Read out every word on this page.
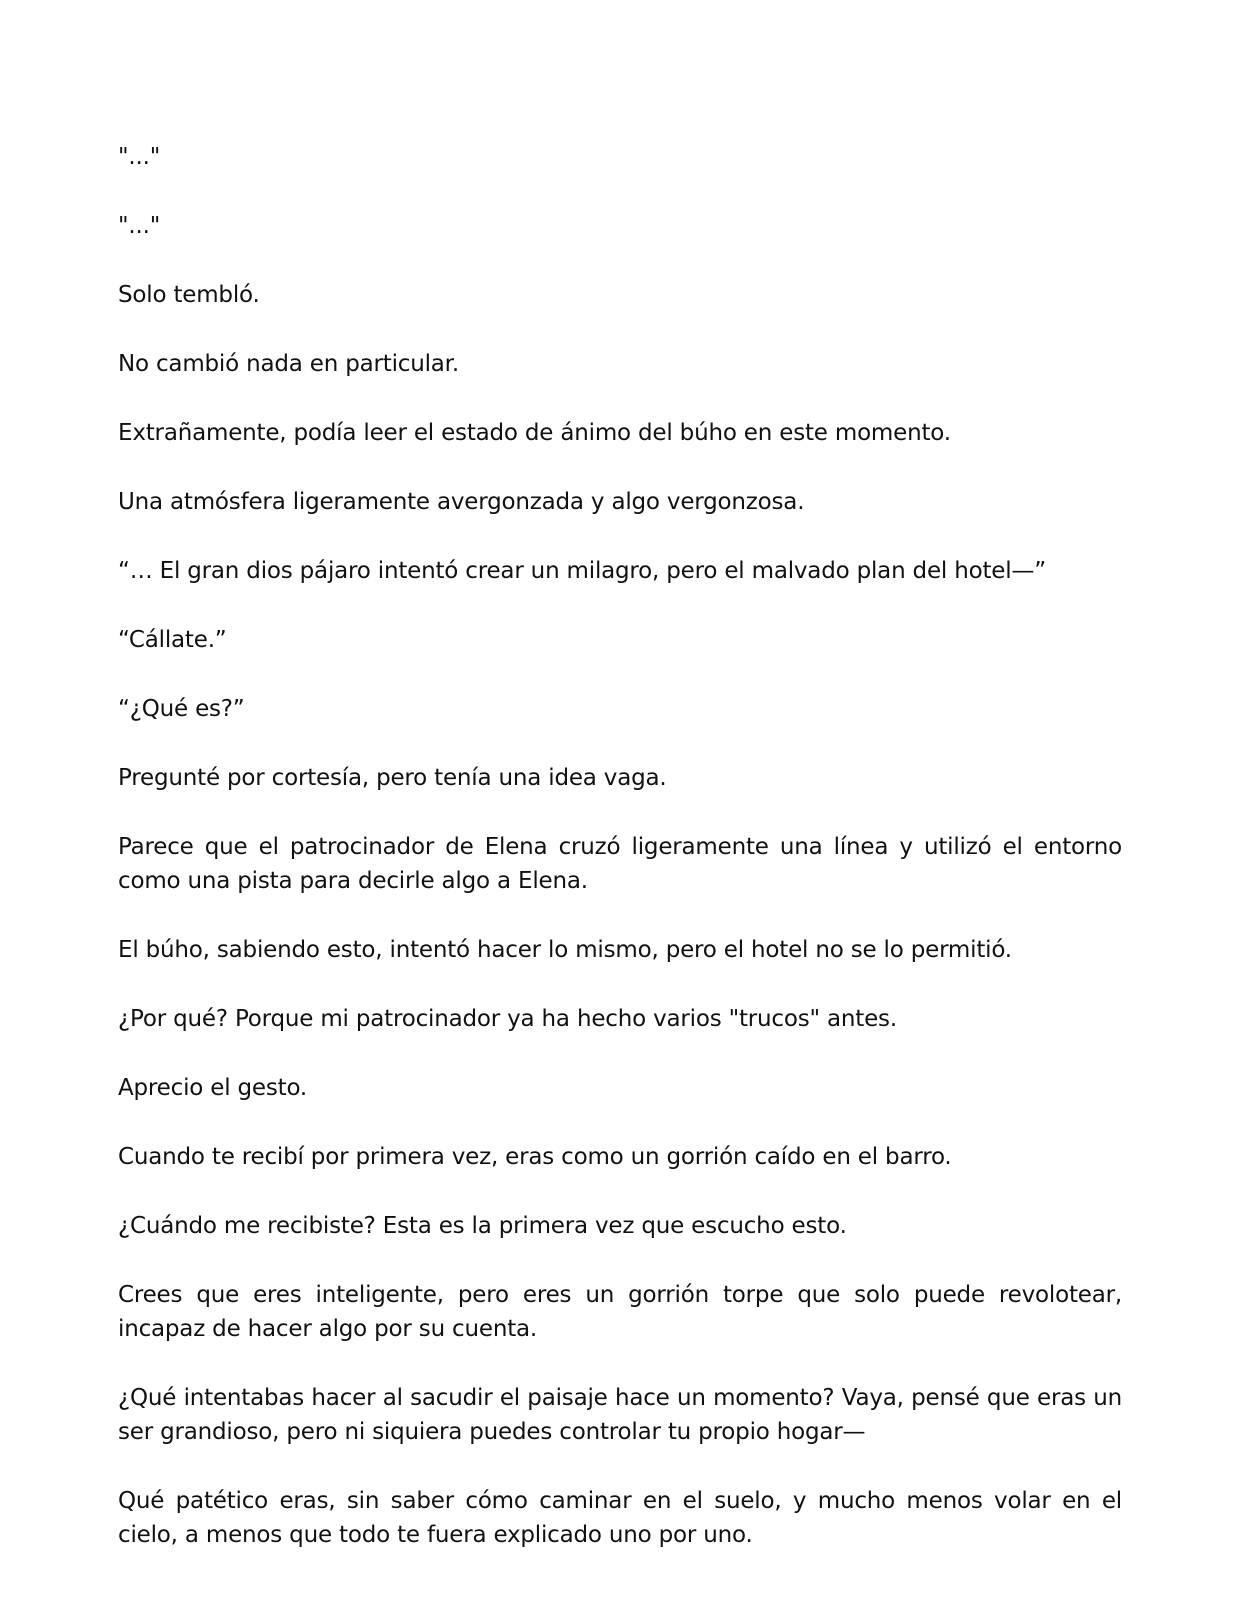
"..."

"..."

Solo tembló.

No cambió nada en particular.

Extrañamente, podía leer el estado de ánimo del búho en este momento.

Una atmósfera ligeramente avergonzada y algo vergonzosa.

“… El gran dios pájaro intentó crear un milagro, pero el malvado plan del hotel—”

“Cállate.”

“¿Qué es?”

Pregunté por cortesía, pero tenía una idea vaga.

Parece que el patrocinador de Elena cruzó ligeramente una línea y utilizó el entorno como una pista para decirle algo a Elena.

El búho, sabiendo esto, intentó hacer lo mismo, pero el hotel no se lo permitió.

¿Por qué? Porque mi patrocinador ya ha hecho varios "trucos" antes.

Aprecio el gesto.

Cuando te recibí por primera vez, eras como un gorrión caído en el barro.

¿Cuándo me recibiste? Esta es la primera vez que escucho esto.

Crees que eres inteligente, pero eres un gorrión torpe que solo puede revolotear, incapaz de hacer algo por su cuenta.

¿Qué intentabas hacer al sacudir el paisaje hace un momento? Vaya, pensé que eras un ser grandioso, pero ni siquiera puedes controlar tu propio hogar—

Qué patético eras, sin saber cómo caminar en el suelo, y mucho menos volar en el cielo, a menos que todo te fuera explicado uno por uno.
